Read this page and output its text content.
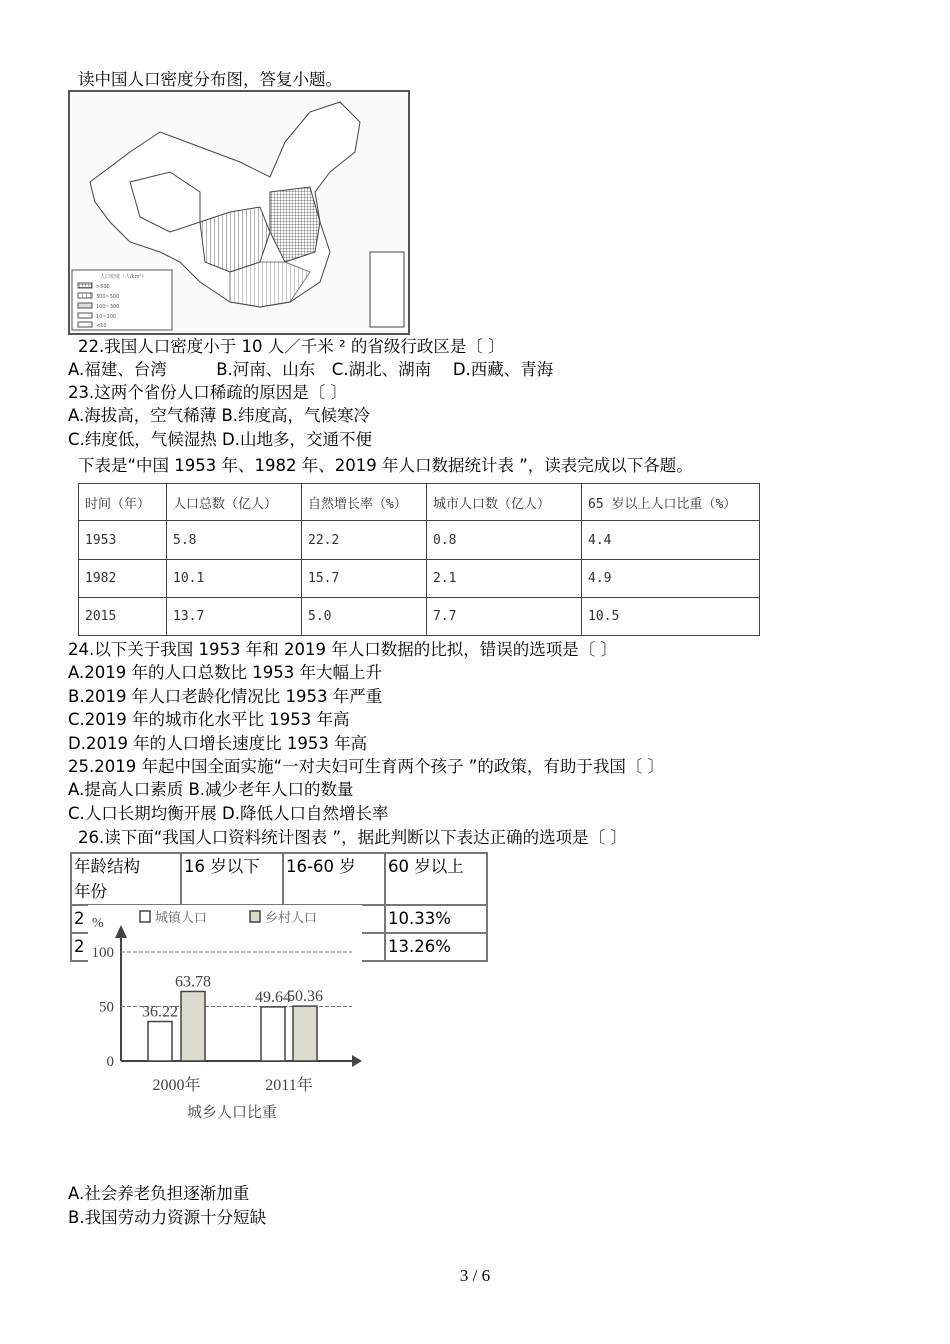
读中国人口密度分布图，答复小题。
人口密度（人/km²）
>500
300~500
100~300
10~100
<10
22.我国人口密度小于 10 人／千米 ² 的省级行政区是〔 〕
A.福建、台湾　　　B.河南、山东　C.湖北、湖南　 D.西藏、青海
23.这两个省份人口稀疏的原因是〔 〕
A.海拔高，空气稀薄 B.纬度高，气候寒冷
C.纬度低，气候湿热 D.山地多，交通不便
下表是“中国 1953 年、1982 年、2019 年人口数据统计表 ”，读表完成以下各题。
时间（年）	人口总数（亿人）	自然增长率（%）	城市人口数（亿人）	65 岁以上人口比重（%）
1953	5.8	22.2	0.8	4.4
1982	10.1	15.7	2.1	4.9
2015	13.7	5.0	7.7	10.5
24.以下关于我国 1953 年和 2019 年人口数据的比拟，错误的选项是〔 〕
A.2019 年的人口总数比 1953 年大幅上升
B.2019 年人口老龄化情况比 1953 年严重
C.2019 年的城市化水平比 1953 年高
D.2019 年的人口增长速度比 1953 年高
25.2019 年起中国全面实施“一对夫妇可生育两个孩子 ”的政策，有助于我国〔 〕
A.提高人口素质 B.减少老年人口的数量
C.人口长期均衡开展 D.降低人口自然增长率
26.读下面“我国人口资料统计图表 ”，据此判断以下表达正确的选项是〔 〕
年龄结构
年份	16 岁以下	16-60 岁	60 岁以上
2			10.33%
2			13.26%
%
0
50
100
城镇人口	乡村人口
36.22
63.78
2000年
49.64
50.36
2011年
城乡人口比重
A.社会养老负担逐渐加重
B.我国劳动力资源十分短缺
3 / 6
